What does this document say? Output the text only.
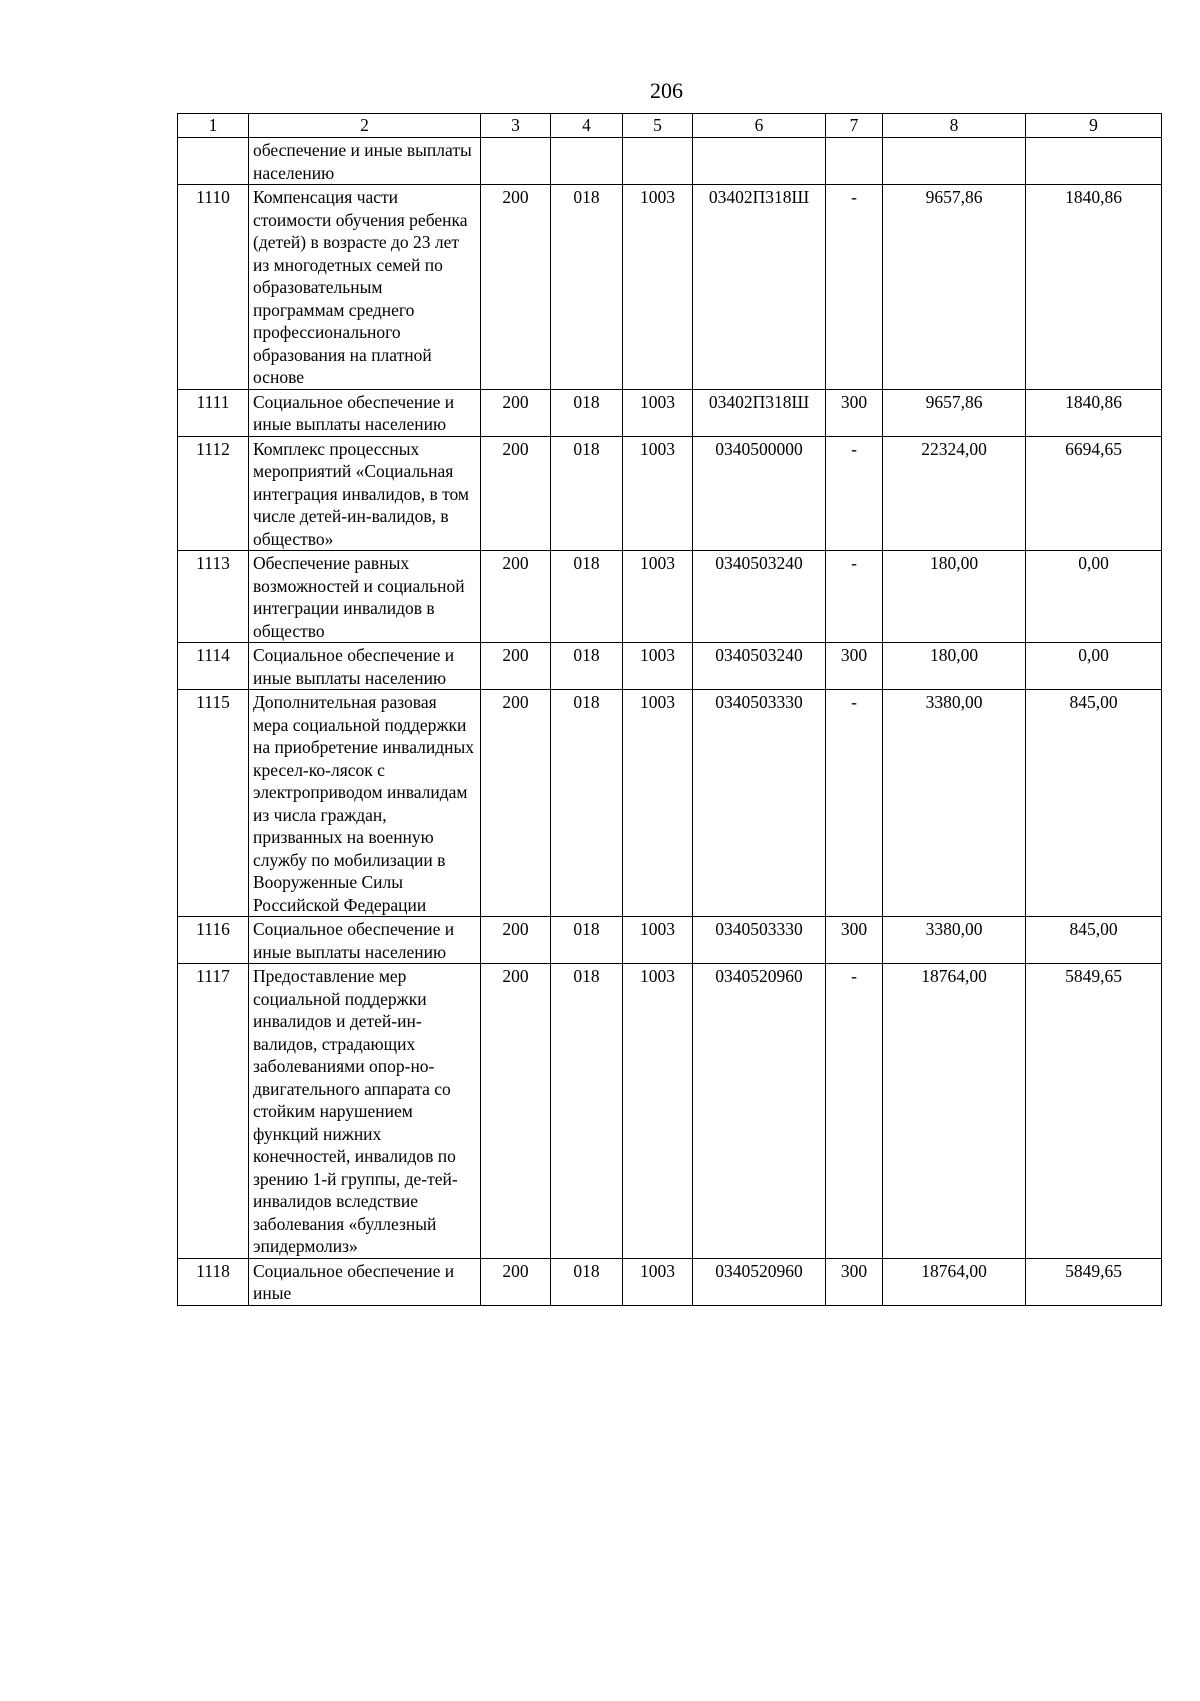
206
1	2	3	4	5	6	7	8	9
	обеспечение и иные выплаты населению							
1110	Компенсация части стоимости обучения ребенка (детей) в возрасте до 23 лет из многодетных семей по образовательным программам среднего профессионального образования на платной основе	200	018	1003	03402П318Ш	-	9657,86	1840,86
1111	Социальное обеспечение и иные выплаты населению	200	018	1003	03402П318Ш	300	9657,86	1840,86
1112	Комплекс процессных мероприятий «Социальная интеграция инвалидов, в том числе детей-ин-валидов, в общество»	200	018	1003	0340500000	-	22324,00	6694,65
1113	Обеспечение равных возможностей и социальной интеграции инвалидов в общество	200	018	1003	0340503240	-	180,00	0,00
1114	Социальное обеспечение и иные выплаты населению	200	018	1003	0340503240	300	180,00	0,00
1115	Дополнительная разовая мера социальной поддержки на приобретение инвалидных кресел-ко-лясок с электроприводом инвалидам из числа граждан, призванных на военную службу по мобилизации в Вооруженные Силы Российской Федерации	200	018	1003	0340503330	-	3380,00	845,00
1116	Социальное обеспечение и иные выплаты населению	200	018	1003	0340503330	300	3380,00	845,00
1117	Предоставление мер социальной поддержки инвалидов и детей-ин-валидов, страдающих заболеваниями опор-но-двигательного аппарата со стойким нарушением функций нижних конечностей, инвалидов по зрению 1-й группы, де-тей-инвалидов вследствие заболевания «буллезный эпидермолиз»	200	018	1003	0340520960	-	18764,00	5849,65
1118	Социальное обеспечение и иные	200	018	1003	0340520960	300	18764,00	5849,65
